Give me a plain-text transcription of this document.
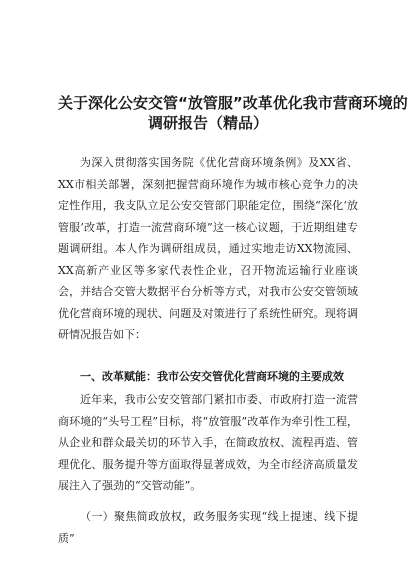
关于深化公安交管“放管服”改革优化我市营商环境的
调研报告（精品）

为深入贯彻落实国务院《优化营商环境条例》及XX省、XX市相关部署，深刻把握营商环境作为城市核心竞争力的决定性作用，我支队立足公安交管部门职能定位，围绕“深化‘放管服’改革，打造一流营商环境”这一核心议题，于近期组建专题调研组。本人作为调研组成员，通过实地走访XX物流园、XX高新产业区等多家代表性企业，召开物流运输行业座谈会，并结合交管大数据平台分析等方式，对我市公安交管领域优化营商环境的现状、问题及对策进行了系统性研究。现将调研情况报告如下：

一、改革赋能：我市公安交管优化营商环境的主要成效

近年来，我市公安交管部门紧扣市委、市政府打造一流营商环境的“头号工程”目标，将“放管服”改革作为牵引性工程，从企业和群众最关切的环节入手，在简政放权、流程再造、管理优化、服务提升等方面取得显著成效，为全市经济高质量发展注入了强劲的“交管动能”。

（一）聚焦简政放权，政务服务实现“线上提速、线下提质”
